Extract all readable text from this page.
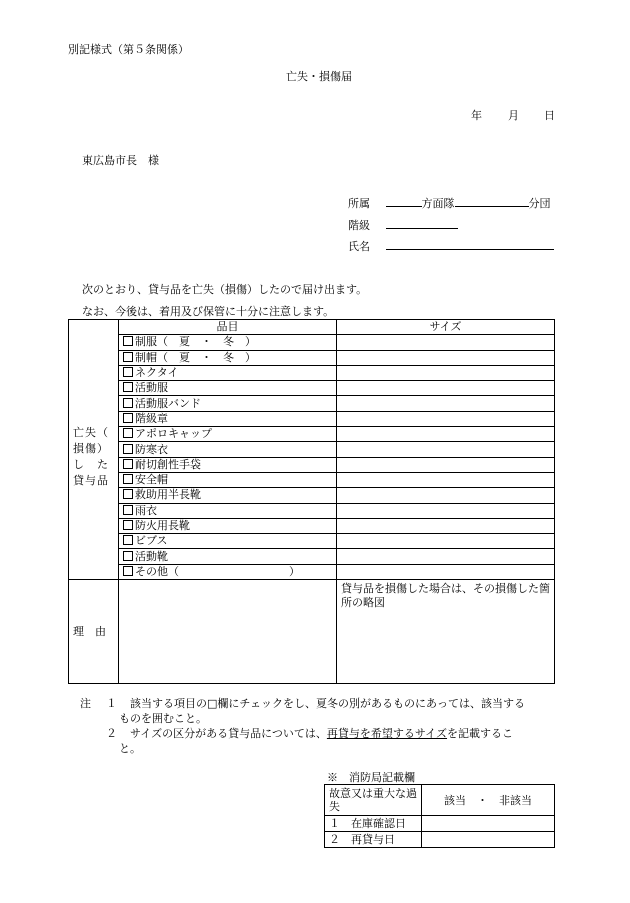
別記様式（第５条関係）
亡失・損傷届
年 月 日
東広島市長　様
所属	方面隊	分団
階級
氏名
次のとおり、貸与品を亡失（損傷）したので届け出ます。
なお、今後は、着用及び保管に十分に注意します。
	品目	サイズ

亡失（
損傷）
し　た
貸与品	制服（　夏　・　冬　）	
	制帽（　夏　・　冬　）	
	ネクタイ	
	活動服	
	活動服バンド	
	階級章	
	アポロキャップ	
	防寒衣	
	耐切創性手袋	
	安全帽	
	救助用半長靴	
	雨衣	
	防火用長靴	
	ビブス	
	活動靴	
	その他（　　　　　　　　　　）	
理　由		貸与品を損傷した場合は、その損傷した箇所の略図
注 １ 該当する項目の□欄にチェックをし、夏冬の別があるものにあっては、該当する
ものを囲むこと。
２ サイズの区分がある貸与品については、再貸与を希望するサイズを記載するこ
と。
※　消防局記載欄
故意又は重大な過失	該当　・　非該当
１　在庫確認日	
２　再貸与日	
